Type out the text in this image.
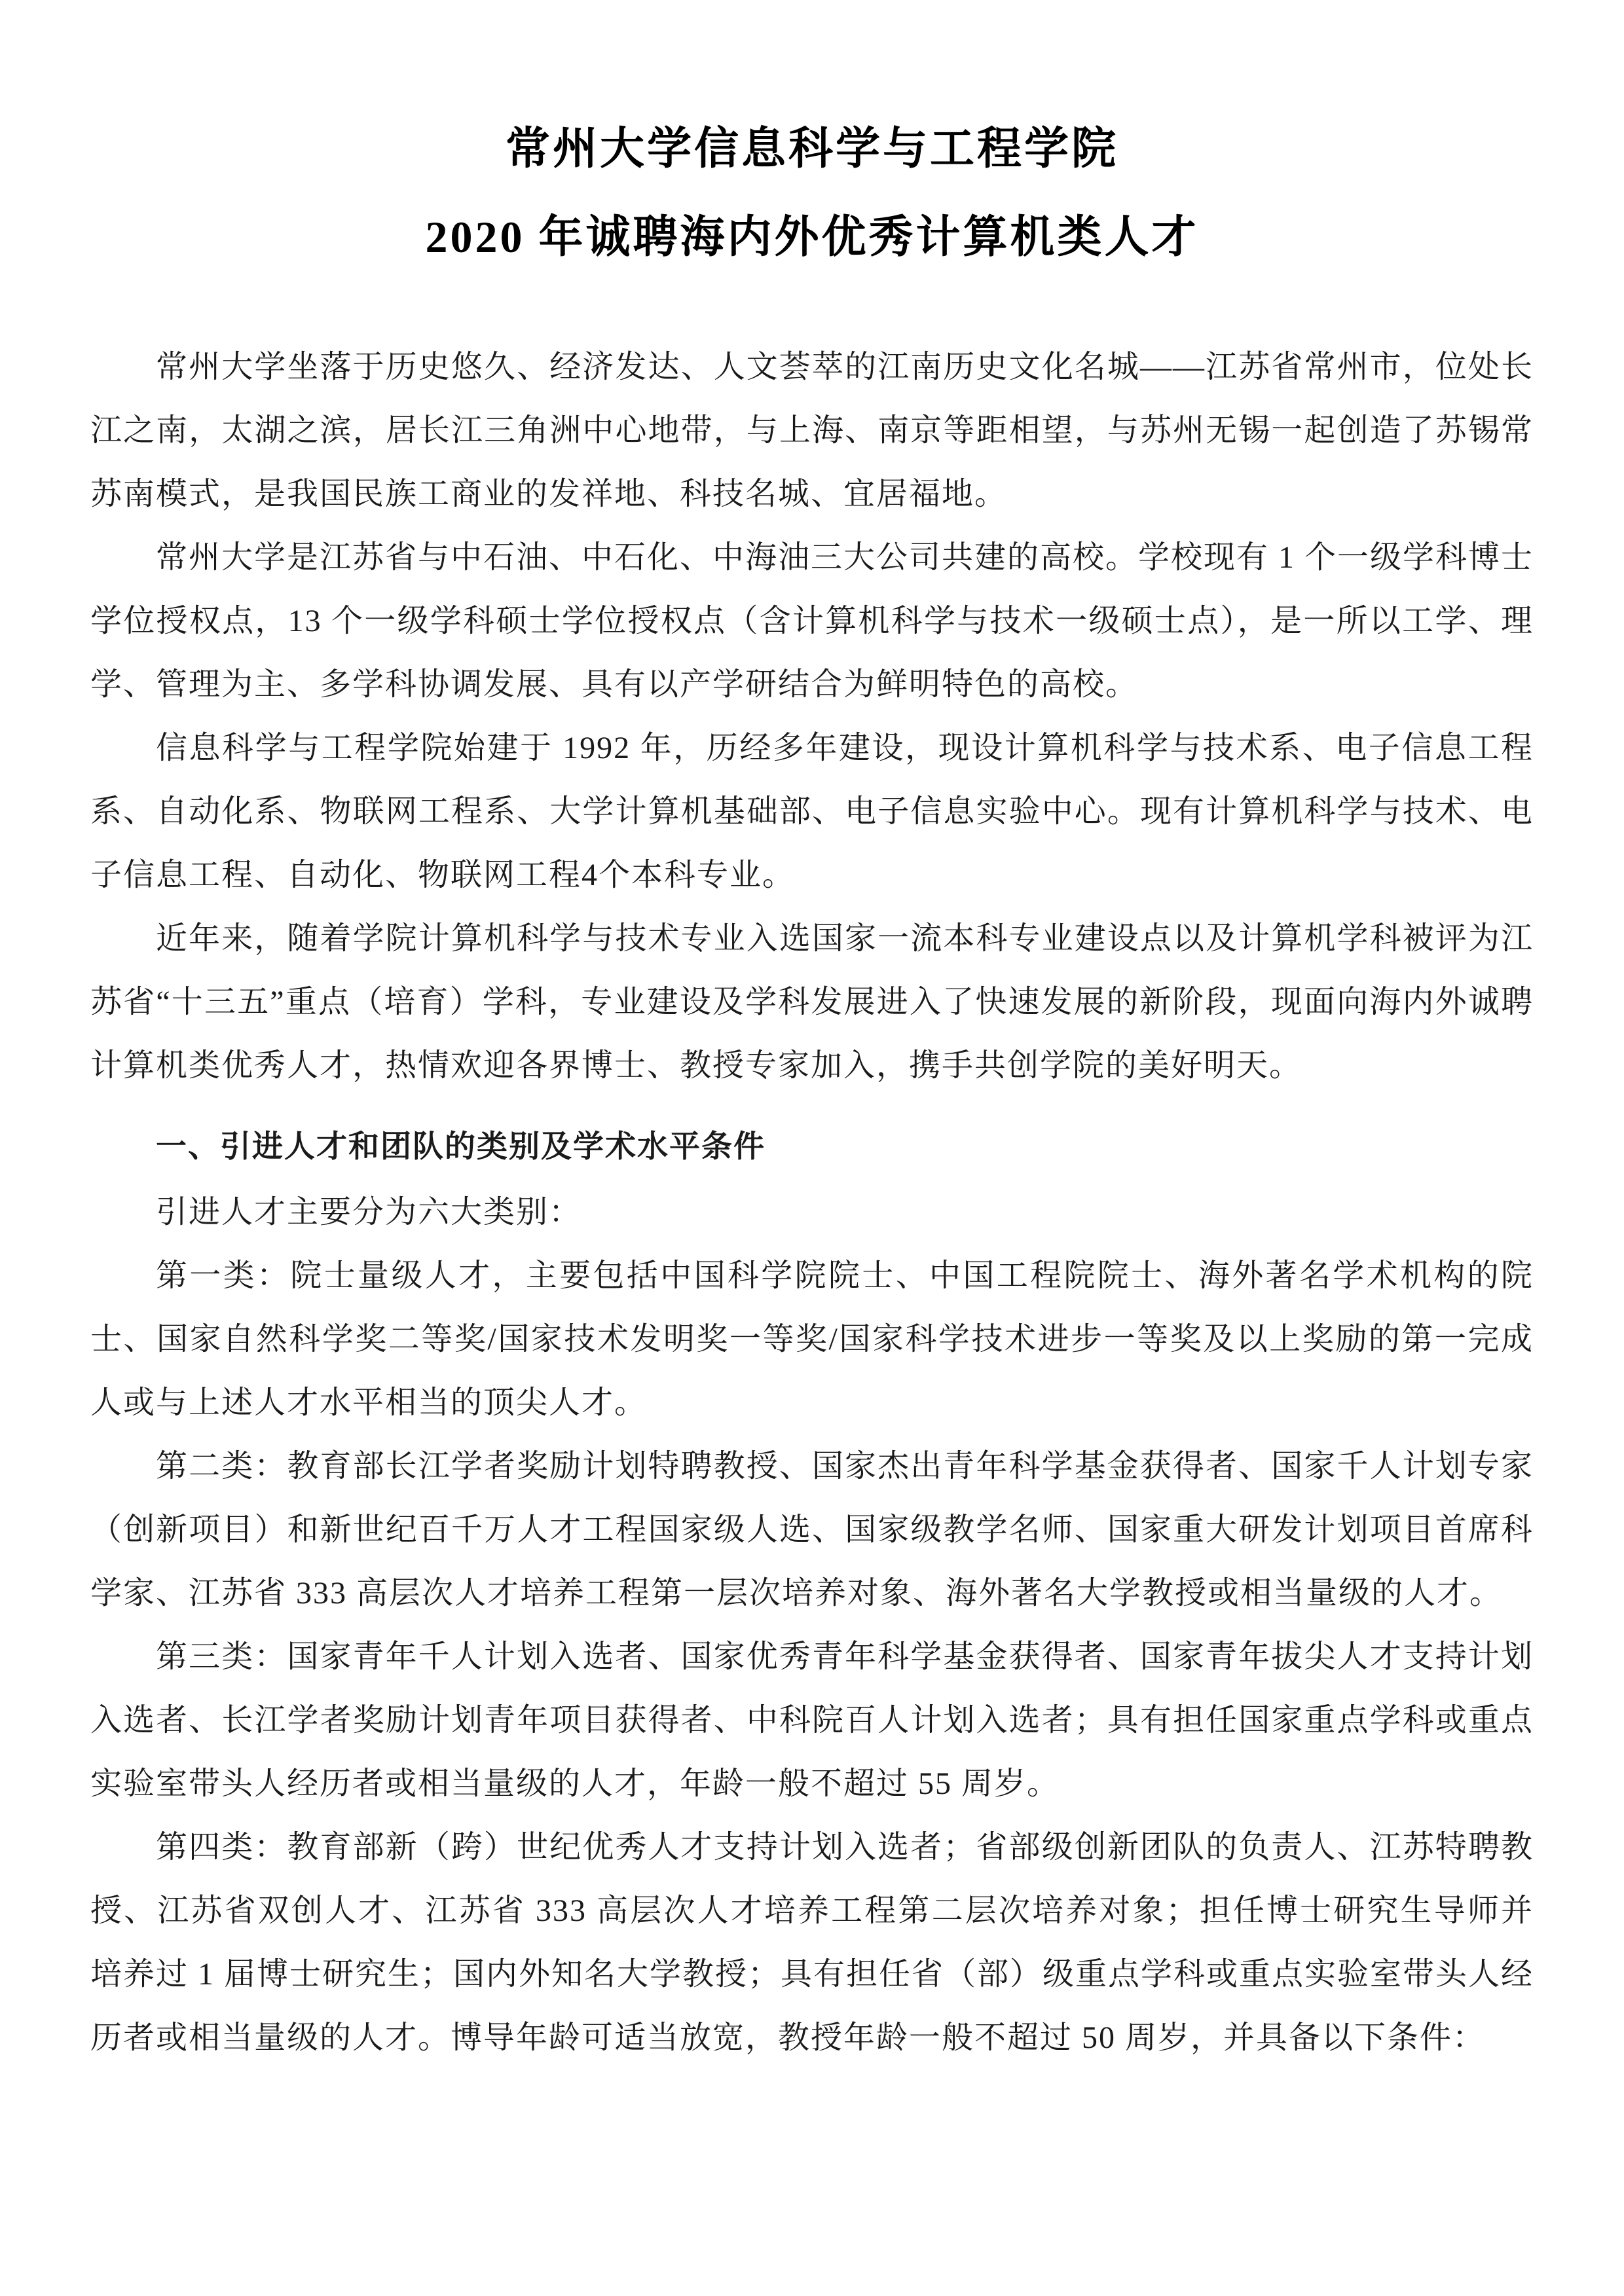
常州大学信息科学与工程学院
2020 年诚聘海内外优秀计算机类人才

常州大学坐落于历史悠久、经济发达、人文荟萃的江南历史文化名城——江苏省常州市，位处长江之南，太湖之滨，居长江三角洲中心地带，与上海、南京等距相望，与苏州无锡一起创造了苏锡常苏南模式，是我国民族工商业的发祥地、科技名城、宜居福地。

常州大学是江苏省与中石油、中石化、中海油三大公司共建的高校。学校现有 1 个一级学科博士学位授权点，13 个一级学科硕士学位授权点（含计算机科学与技术一级硕士点），是一所以工学、理学、管理为主、多学科协调发展、具有以产学研结合为鲜明特色的高校。

信息科学与工程学院始建于 1992 年，历经多年建设，现设计算机科学与技术系、电子信息工程系、自动化系、物联网工程系、大学计算机基础部、电子信息实验中心。现有计算机科学与技术、电子信息工程、自动化、物联网工程4个本科专业。

近年来，随着学院计算机科学与技术专业入选国家一流本科专业建设点以及计算机学科被评为江苏省“十三五”重点（培育）学科，专业建设及学科发展进入了快速发展的新阶段，现面向海内外诚聘计算机类优秀人才，热情欢迎各界博士、教授专家加入，携手共创学院的美好明天。

一、引进人才和团队的类别及学术水平条件

引进人才主要分为六大类别：

第一类：院士量级人才，主要包括中国科学院院士、中国工程院院士、海外著名学术机构的院士、国家自然科学奖二等奖/国家技术发明奖一等奖/国家科学技术进步一等奖及以上奖励的第一完成人或与上述人才水平相当的顶尖人才。

第二类：教育部长江学者奖励计划特聘教授、国家杰出青年科学基金获得者、国家千人计划专家（创新项目）和新世纪百千万人才工程国家级人选、国家级教学名师、国家重大研发计划项目首席科学家、江苏省 333 高层次人才培养工程第一层次培养对象、海外著名大学教授或相当量级的人才。

第三类：国家青年千人计划入选者、国家优秀青年科学基金获得者、国家青年拔尖人才支持计划入选者、长江学者奖励计划青年项目获得者、中科院百人计划入选者；具有担任国家重点学科或重点实验室带头人经历者或相当量级的人才，年龄一般不超过 55 周岁。

第四类：教育部新（跨）世纪优秀人才支持计划入选者；省部级创新团队的负责人、江苏特聘教授、江苏省双创人才、江苏省 333 高层次人才培养工程第二层次培养对象；担任博士研究生导师并培养过 1 届博士研究生；国内外知名大学教授；具有担任省（部）级重点学科或重点实验室带头人经历者或相当量级的人才。博导年龄可适当放宽，教授年龄一般不超过 50 周岁，并具备以下条件：
